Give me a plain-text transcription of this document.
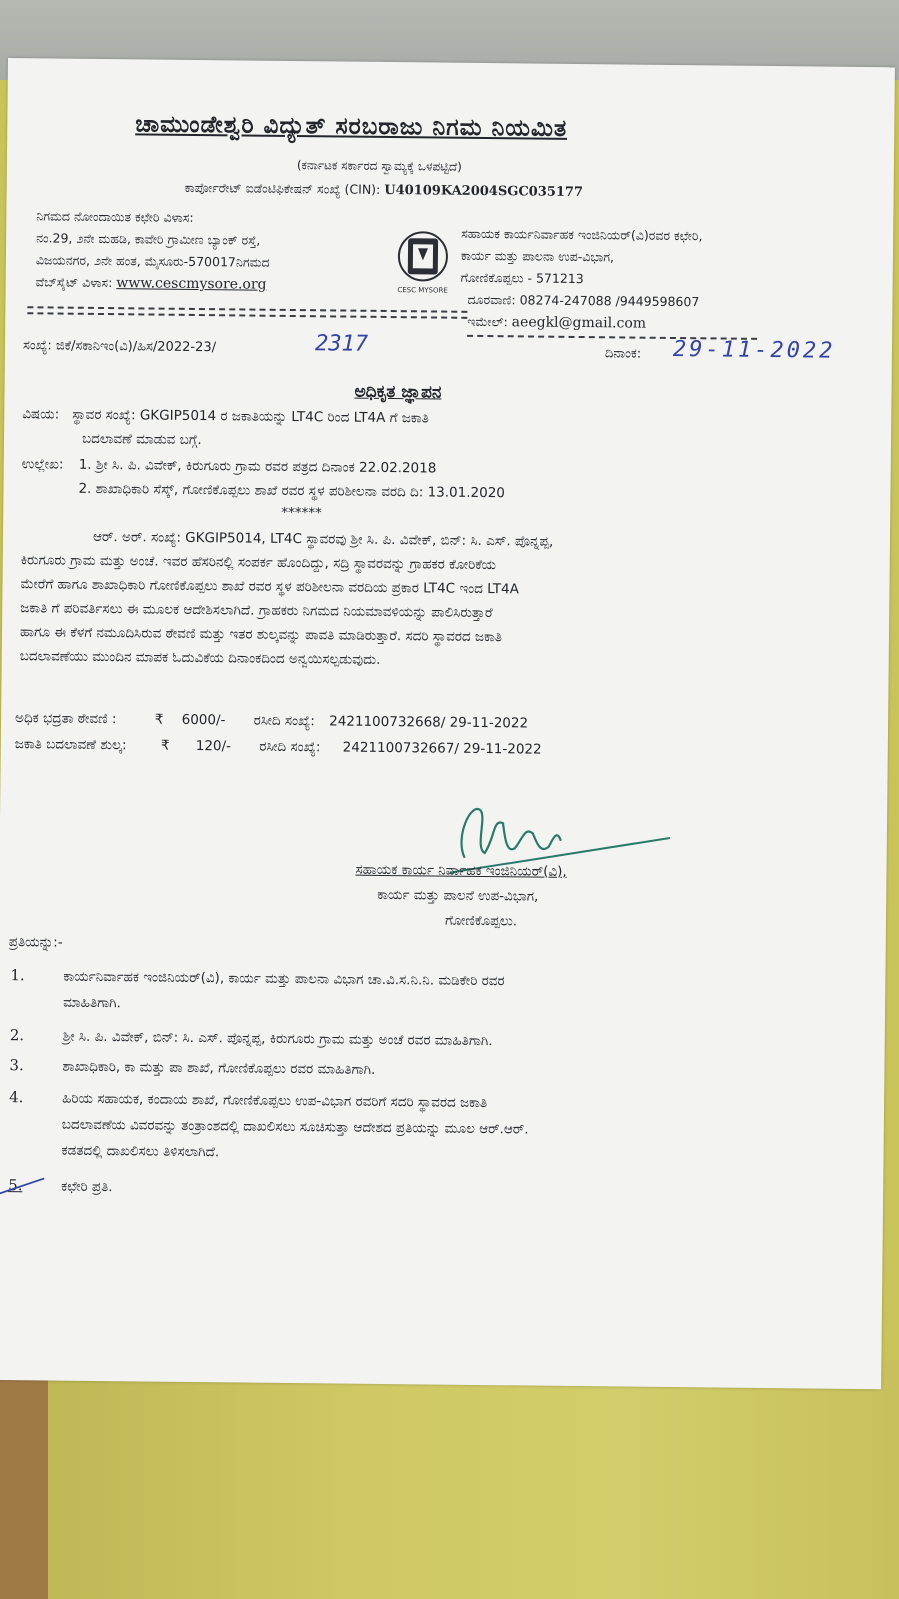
ಚಾಮುಂಡೇಶ್ವರಿ ವಿದ್ಯುತ್ ಸರಬರಾಜು ನಿಗಮ ನಿಯಮಿತ
(ಕರ್ನಾಟಕ ಸರ್ಕಾರದ ಸ್ವಾಮ್ಯಕ್ಕೆ ಒಳಪಟ್ಟಿದೆ)
ಕಾರ್ಪೋರೇಟ್ ಐಡೆಂಟಿಫಿಕೇಷನ್ ಸಂಖ್ಯೆ (CIN): U40109KA2004SGC035177
ನಿಗಮದ ನೋಂದಾಯಿತ ಕಛೇರಿ ವಿಳಾಸ:
ನಂ.29, ೨ನೇ ಮಹಡಿ, ಕಾವೇರಿ ಗ್ರಾಮೀಣ ಬ್ಯಾಂಕ್ ರಸ್ತೆ,
ವಿಜಯನಗರ, ೨ನೇ ಹಂತ, ಮೈಸೂರು-570017ನಿಗಮದ
ವೆಬ್‌ಸೈಟ್ ವಿಳಾಸ: www.cescmysore.org	CESC MYSORE
ಸಹಾಯಕ ಕಾರ್ಯನಿರ್ವಾಹಕ ಇಂಜಿನಿಯರ್(ವಿ)ರವರ ಕಛೇರಿ,
ಕಾರ್ಯ ಮತ್ತು ಪಾಲನಾ ಉಪ-ವಿಭಾಗ,
ಗೋಣಿಕೊಪ್ಪಲು - 571213
ದೂರವಾಣಿ: 08274-247088 /9449598607
ಇಮೇಲ್: aeegkl@gmail.com
ಸಂಖ್ಯೆ: ಜಿಕೆ/ಸಕಾನಿಇಂ(ವಿ)/ಹಿಸ/2022-23/	2317	ದಿನಾಂಕ: 29-11-2022
ಅಧಿಕೃತ ಜ್ಞಾಪನ
ವಿಷಯ: ಸ್ಥಾವರ ಸಂಖ್ಯೆ: GKGIP5014 ರ ಜಕಾತಿಯನ್ನು LT4C ರಿಂದ LT4A ಗೆ ಜಕಾತಿ
ಬದಲಾವಣೆ ಮಾಡುವ ಬಗ್ಗೆ.
ಉಲ್ಲೇಖ: 1. ಶ್ರೀ ಸಿ. ಪಿ. ವಿವೇಕ್, ಕಿರುಗೂರು ಗ್ರಾಮ ರವರ ಪತ್ರದ ದಿನಾಂಕ 22.02.2018
2. ಶಾಖಾಧಿಕಾರಿ ಸೆಸ್ಕ್, ಗೋಣಿಕೊಪ್ಪಲು ಶಾಖೆ ರವರ ಸ್ಥಳ ಪರಿಶೀಲನಾ ವರದಿ ದಿ: 13.01.2020
******
ಆರ್. ಅರ್. ಸಂಖ್ಯೆ: GKGIP5014, LT4C ಸ್ಥಾವರವು ಶ್ರೀ ಸಿ. ಪಿ. ವಿವೇಕ್, ಬಿನ್: ಸಿ. ಎಸ್. ಪೊನ್ನಪ್ಪ,
ಕಿರುಗೂರು ಗ್ರಾಮ ಮತ್ತು ಅಂಚೆ. ಇವರ ಹೆಸರಿನಲ್ಲಿ ಸಂಪರ್ಕ ಹೊಂದಿದ್ದು, ಸದ್ರಿ ಸ್ಥಾವರವನ್ನು ಗ್ರಾಹಕರ ಕೋರಿಕೆಯ
ಮೇರೆಗೆ ಹಾಗೂ ಶಾಖಾಧಿಕಾರಿ ಗೋಣಿಕೊಪ್ಪಲು ಶಾಖೆ ರವರ ಸ್ಥಳ ಪರಿಶೀಲನಾ ವರದಿಯ ಪ್ರಕಾರ LT4C ಇಂದ LT4A
ಜಕಾತಿ ಗೆ ಪರಿವರ್ತಿಸಲು ಈ ಮೂಲಕ ಆದೇಶಿಸಲಾಗಿದೆ. ಗ್ರಾಹಕರು ನಿಗಮದ ನಿಯಮಾವಳಿಯನ್ನು ಪಾಲಿಸಿರುತ್ತಾರೆ
ಹಾಗೂ ಈ ಕೆಳಗೆ ನಮೂದಿಸಿರುವ ಠೇವಣಿ ಮತ್ತು ಇತರ ಶುಲ್ಕವನ್ನು ಪಾವತಿ ಮಾಡಿರುತ್ತಾರೆ. ಸದರಿ ಸ್ಥಾವರದ ಜಕಾತಿ
ಬದಲಾವಣೆಯು ಮುಂದಿನ ಮಾಪಕ ಓದುವಿಕೆಯ ದಿನಾಂಕದಿಂದ ಅನ್ವಯಿಸಲ್ಪಡುವುದು.
ಅಧಿಕ ಭದ್ರತಾ ಠೇವಣಿ :	₹ 6000/- ರಸೀದಿ ಸಂಖ್ಯೆ: 2421100732668/ 29-11-2022
ಜಕಾತಿ ಬದಲಾವಣೆ ಶುಲ್ಕ:	₹ 120/- ರಸೀದಿ ಸಂಖ್ಯೆ: 2421100732667/ 29-11-2022
ಸಹಾಯಕ ಕಾರ್ಯ ನಿರ್ವಾಹಕ ಇಂಜಿನಿಯರ್(ವಿ),
ಕಾರ್ಯ ಮತ್ತು ಪಾಲನೆ ಉಪ-ವಿಭಾಗ,
ಗೋಣಿಕೊಪ್ಪಲು.
ಪ್ರತಿಯನ್ನು:-
1.	ಕಾರ್ಯನಿರ್ವಾಹಕ ಇಂಜಿನಿಯರ್(ವಿ), ಕಾರ್ಯ ಮತ್ತು ಪಾಲನಾ ವಿಭಾಗ ಚಾ.ವಿ.ಸ.ನಿ.ನಿ. ಮಡಿಕೇರಿ ರವರ
ಮಾಹಿತಿಗಾಗಿ.
2.	ಶ್ರೀ ಸಿ. ಪಿ. ವಿವೇಕ್, ಬಿನ್: ಸಿ. ಎಸ್. ಪೊನ್ನಪ್ಪ, ಕಿರುಗೂರು ಗ್ರಾಮ ಮತ್ತು ಅಂಚೆ ರವರ ಮಾಹಿತಿಗಾಗಿ.
3.	ಶಾಖಾಧಿಕಾರಿ, ಕಾ ಮತ್ತು ಪಾ ಶಾಖೆ, ಗೋಣಿಕೊಪ್ಪಲು ರವರ ಮಾಹಿತಿಗಾಗಿ.
4.	ಹಿರಿಯ ಸಹಾಯಕ, ಕಂದಾಯ ಶಾಖೆ, ಗೋಣಿಕೊಪ್ಪಲು ಉಪ-ವಿಭಾಗ ರವರಿಗೆ ಸದರಿ ಸ್ಥಾವರದ ಜಕಾತಿ
ಬದಲಾವಣೆಯ ವಿವರವನ್ನು ತಂತ್ರಾಂಶದಲ್ಲಿ ದಾಖಲಿಸಲು ಸೂಚಿಸುತ್ತಾ ಆದೇಶದ ಪ್ರತಿಯನ್ನು ಮೂಲ ಆರ್.ಆರ್.
ಕಡತದಲ್ಲಿ ದಾಖಲಿಸಲು ತಿಳಿಸಲಾಗಿದೆ.
5.	ಕಛೇರಿ ಪ್ರತಿ.
